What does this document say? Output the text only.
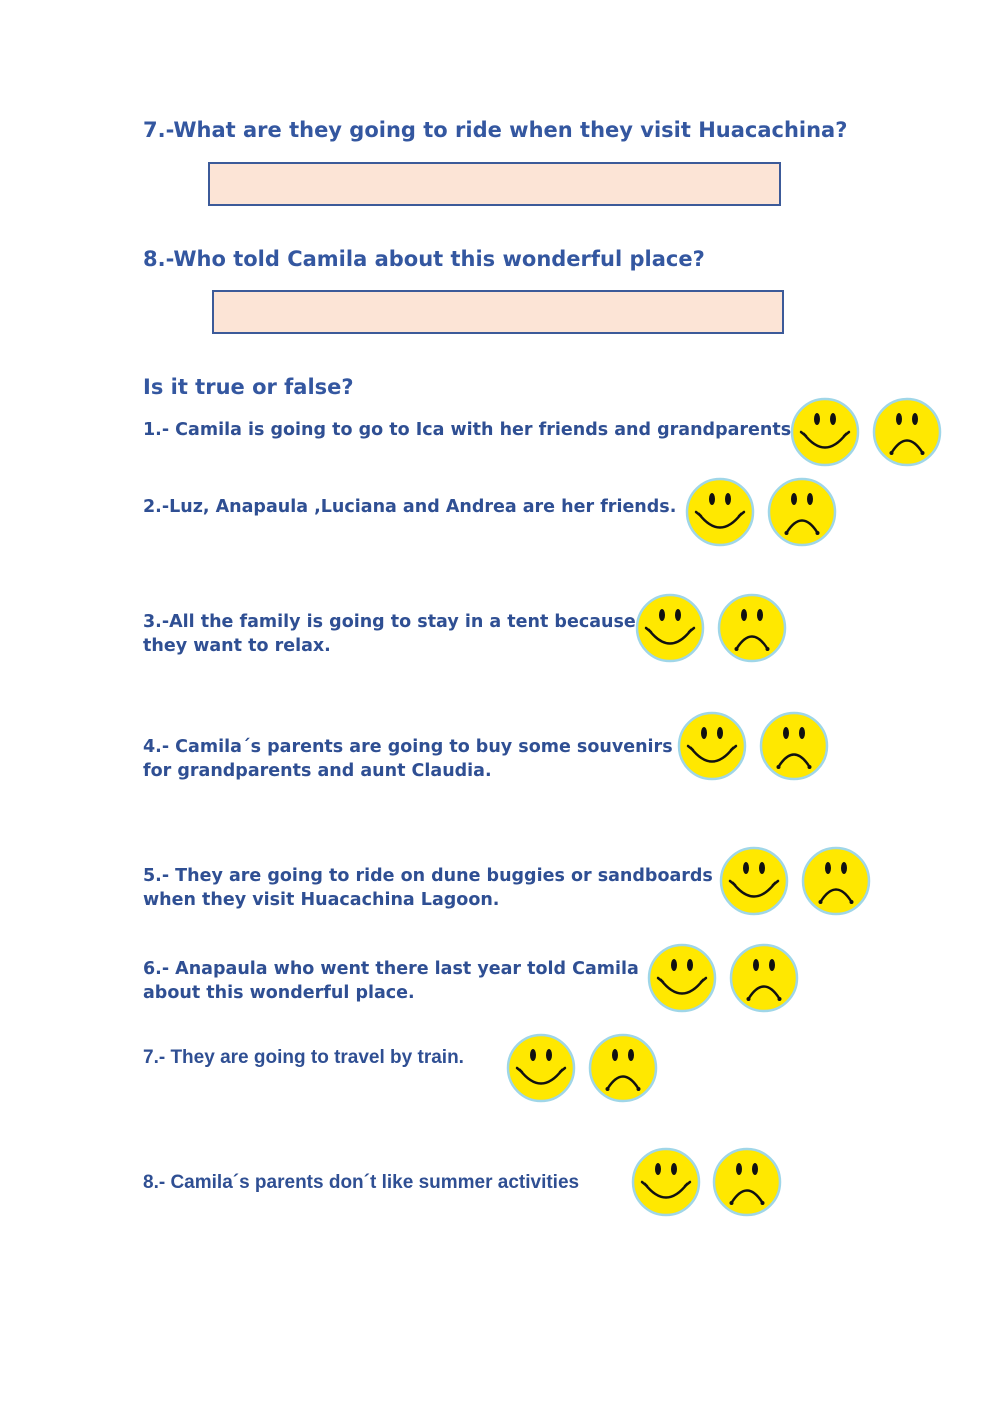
7.-What are they going to ride when they visit Huacachina?
8.-Who told Camila about this wonderful place?
Is it true or false?
1.- Camila is going to go to Ica with her friends and grandparents
2.-Luz, Anapaula ,Luciana and Andrea are her friends.
3.-All the family is going to stay in a tent because
they want to relax.
4.- Camila´s parents are going to buy some souvenirs
for grandparents and aunt Claudia.
5.- They are going to ride on dune buggies or sandboards
when they visit Huacachina Lagoon.
6.- Anapaula who went there last year told Camila
about this wonderful place.
7.- They are going to travel by train.
8.- Camila´s parents don´t like summer activities
